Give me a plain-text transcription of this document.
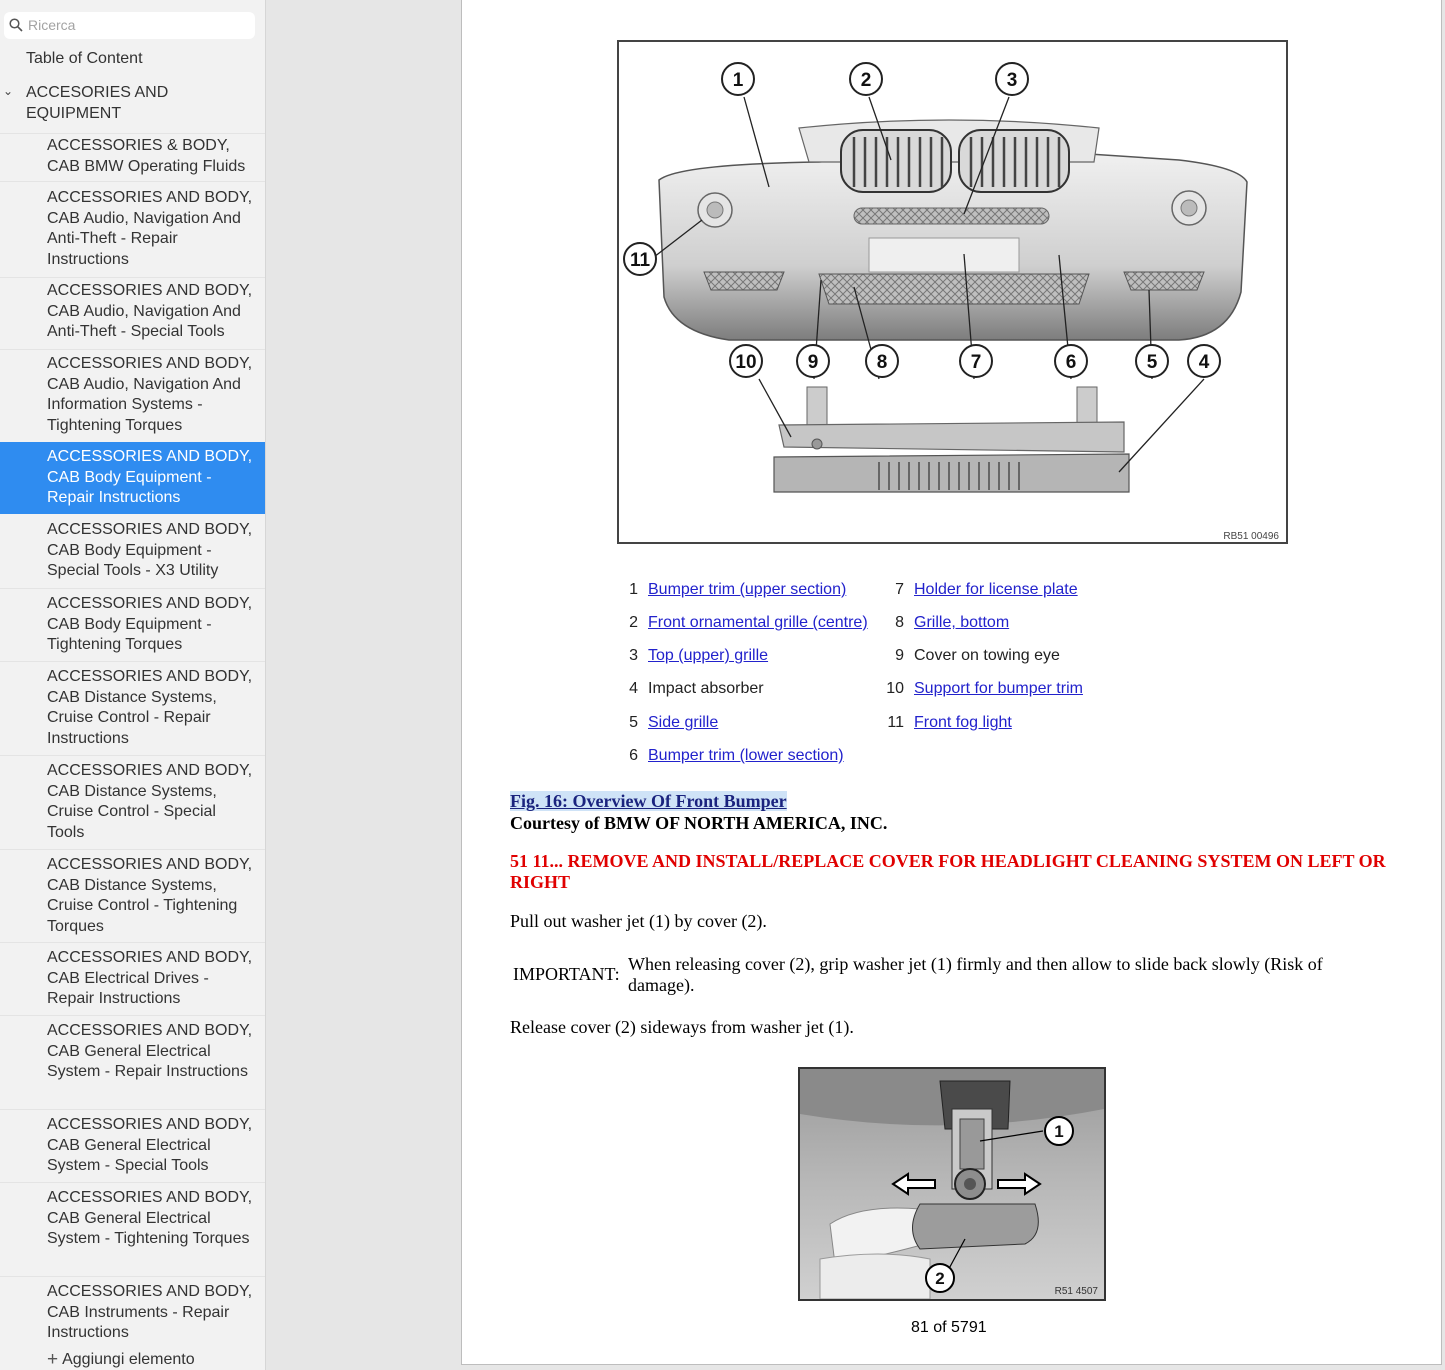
Ricerca
Table of Content
⌄ ACCESORIES AND EQUIPMENT
ACCESSORIES & BODY, CAB BMW Operating Fluids
ACCESSORIES AND BODY, CAB Audio, Navigation And Anti-Theft - Repair Instructions
ACCESSORIES AND BODY, CAB Audio, Navigation And Anti-Theft - Special Tools
ACCESSORIES AND BODY, CAB Audio, Navigation And Information Systems - Tightening Torques
ACCESSORIES AND BODY, CAB Body Equipment - Repair Instructions
ACCESSORIES AND BODY, CAB Body Equipment - Special Tools - X3 Utility
ACCESSORIES AND BODY, CAB Body Equipment - Tightening Torques
ACCESSORIES AND BODY, CAB Distance Systems, Cruise Control - Repair Instructions
ACCESSORIES AND BODY, CAB Distance Systems, Cruise Control - Special Tools
ACCESSORIES AND BODY, CAB Distance Systems, Cruise Control - Tightening Torques
ACCESSORIES AND BODY, CAB Electrical Drives - Repair Instructions
ACCESSORIES AND BODY, CAB General Electrical System - Repair Instructions
ACCESSORIES AND BODY, CAB General Electrical System - Special Tools
ACCESSORIES AND BODY, CAB General Electrical System - Tightening Torques
ACCESSORIES AND BODY, CAB Instruments - Repair Instructions
+ Aggiungi elemento
1	2	3
11
10	9	8	7	6	5 4
RB51 00496
1 Bumper trim (upper section)
2 Front ornamental grille (centre)
3 Top (upper) grille
4 Impact absorber
5 Side grille
6 Bumper trim (lower section)
7 Holder for license plate
8 Grille, bottom
9 Cover on towing eye
10 Support for bumper trim
11 Front fog light
Fig. 16: Overview Of Front Bumper
Courtesy of BMW OF NORTH AMERICA, INC.
51 11... REMOVE AND INSTALL/REPLACE COVER FOR HEADLIGHT CLEANING SYSTEM ON LEFT OR RIGHT
Pull out washer jet (1) by cover (2).
IMPORTANT: When releasing cover (2), grip washer jet (1) firmly and then allow to slide back slowly (Risk of damage).
Release cover (2) sideways from washer jet (1).
1
2
R51 4507
81 of 5791
